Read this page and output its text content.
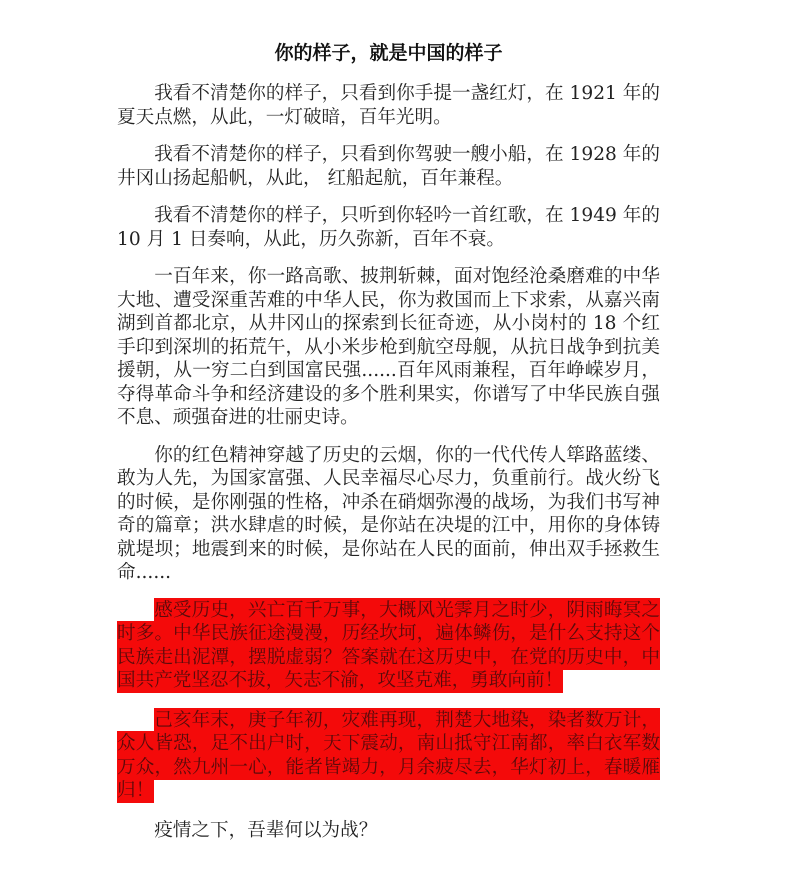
你的样子，就是中国的样子

我看不清楚你的样子，只看到你手提一盏红灯，在 1921 年的夏天点燃，从此，一灯破暗，百年光明。

我看不清楚你的样子，只看到你驾驶一艘小船，在 1928 年的井冈山扬起船帆，从此， 红船起航，百年兼程。

我看不清楚你的样子，只听到你轻吟一首红歌，在 1949 年的 10 月 1 日奏响，从此，历久弥新，百年不衰。

一百年来，你一路高歌、披荆斩棘，面对饱经沧桑磨难的中华大地、遭受深重苦难的中华人民，你为救国而上下求索，从嘉兴南湖到首都北京，从井冈山的探索到长征奇迹，从小岗村的 18 个红手印到深圳的拓荒午，从小米步枪到航空母舰，从抗日战争到抗美援朝，从一穷二白到国富民强......百年风雨兼程，百年峥嵘岁月，夺得革命斗争和经济建设的多个胜利果实，你谱写了中华民族自强不息、顽强奋进的壮丽史诗。

你的红色精神穿越了历史的云烟，你的一代代传人筚路蓝缕、敢为人先，为国家富强、人民幸福尽心尽力，负重前行。战火纷飞的时候，是你刚强的性格，冲杀在硝烟弥漫的战场，为我们书写神奇的篇章；洪水肆虐的时候，是你站在决堤的江中，用你的身体铸就堤坝；地震到来的时候，是你站在人民的面前，伸出双手拯救生命......

感受历史，兴亡百千万事，大概风光霁月之时少，阴雨晦冥之时多。中华民族征途漫漫，历经坎坷，遍体鳞伤，是什么支持这个民族走出泥潭，摆脱虚弱？答案就在这历史中，在党的历史中，中国共产党坚忍不拔，矢志不渝，攻坚克难，勇敢向前！

己亥年末，庚子年初，灾难再现，荆楚大地染，染者数万计，众人皆恐，足不出户时，天下震动，南山抵守江南都，率白衣军数万众，然九州一心，能者皆竭力，月余疲尽去，华灯初上，春暖雁归！

疫情之下，吾辈何以为战？
